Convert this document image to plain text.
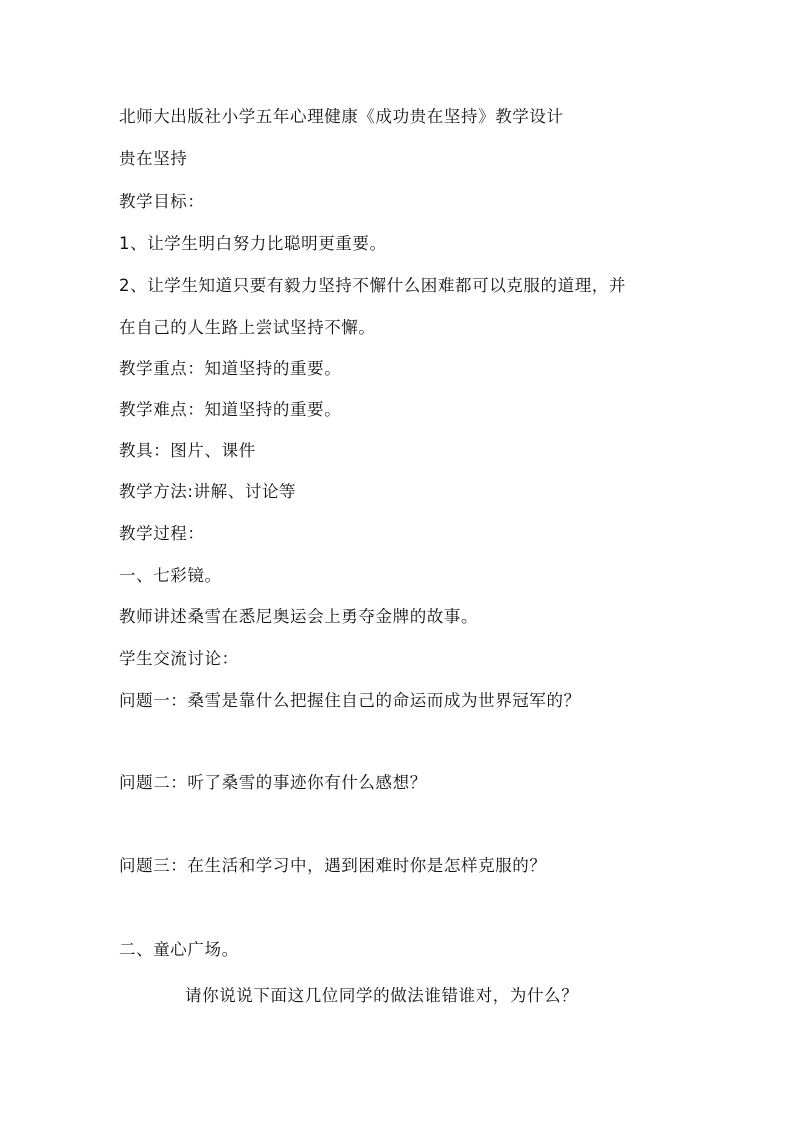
北师大出版社小学五年心理健康《成功贵在坚持》教学设计
贵在坚持
教学目标：
1、让学生明白努力比聪明更重要。
2、让学生知道只要有毅力坚持不懈什么困难都可以克服的道理，并
在自己的人生路上尝试坚持不懈。
教学重点：知道坚持的重要。
教学难点：知道坚持的重要。
教具：图片、课件
教学方法:讲解、讨论等
教学过程：
一、七彩镜。
教师讲述桑雪在悉尼奥运会上勇夺金牌的故事。
学生交流讨论：
问题一：桑雪是靠什么把握住自己的命运而成为世界冠军的？
问题二：听了桑雪的事迹你有什么感想？
问题三：在生活和学习中，遇到困难时你是怎样克服的？
二、童心广场。
请你说说下面这几位同学的做法谁错谁对，为什么？
